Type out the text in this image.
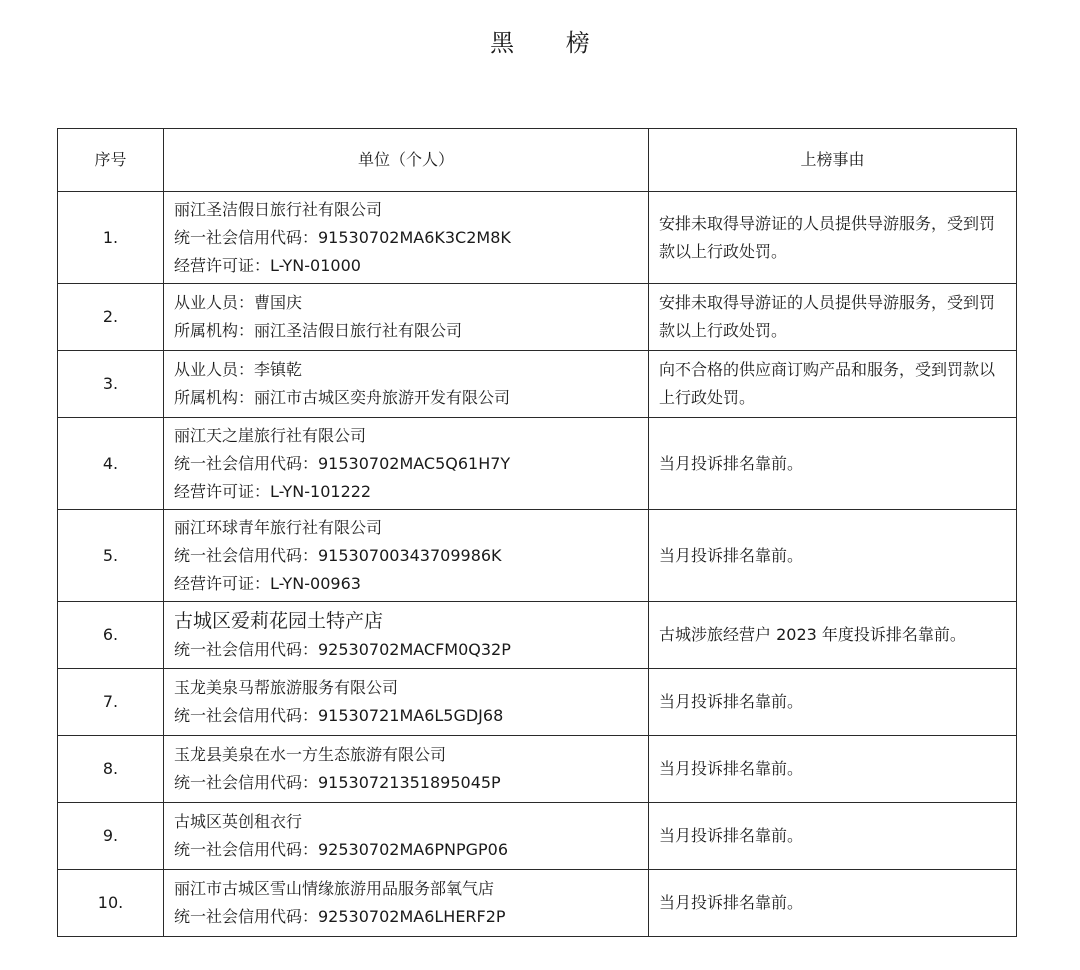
黑 榜
序号	单位（个人）	上榜事由
1.	丽江圣洁假日旅行社有限公司
统一社会信用代码：91530702MA6K3C2M8K
经营许可证：L-YN-01000	安排未取得导游证的人员提供导游服务，受到罚款以上行政处罚。

2.	从业人员：曹国庆
所属机构：丽江圣洁假日旅行社有限公司	安排未取得导游证的人员提供导游服务，受到罚款以上行政处罚。

3.	从业人员：李镇乾
所属机构：丽江市古城区奕舟旅游开发有限公司	向不合格的供应商订购产品和服务，受到罚款以上行政处罚。

4.	丽江天之崖旅行社有限公司
统一社会信用代码：91530702MAC5Q61H7Y
经营许可证：L-YN-101222	当月投诉排名靠前。

5.	丽江环球青年旅行社有限公司
统一社会信用代码：91530700343709986K
经营许可证：L-YN-00963	当月投诉排名靠前。

6.	古城区爱莉花园土特产店
统一社会信用代码：92530702MACFM0Q32P	古城涉旅经营户 2023 年度投诉排名靠前。

7.	玉龙美泉马帮旅游服务有限公司
统一社会信用代码：91530721MA6L5GDJ68	当月投诉排名靠前。

8.	玉龙县美泉在水一方生态旅游有限公司
统一社会信用代码：91530721351895045P	当月投诉排名靠前。

9.	古城区英创租衣行
统一社会信用代码：92530702MA6PNPGP06	当月投诉排名靠前。

10.	丽江市古城区雪山情缘旅游用品服务部氧气店
统一社会信用代码：92530702MA6LHERF2P	当月投诉排名靠前。
